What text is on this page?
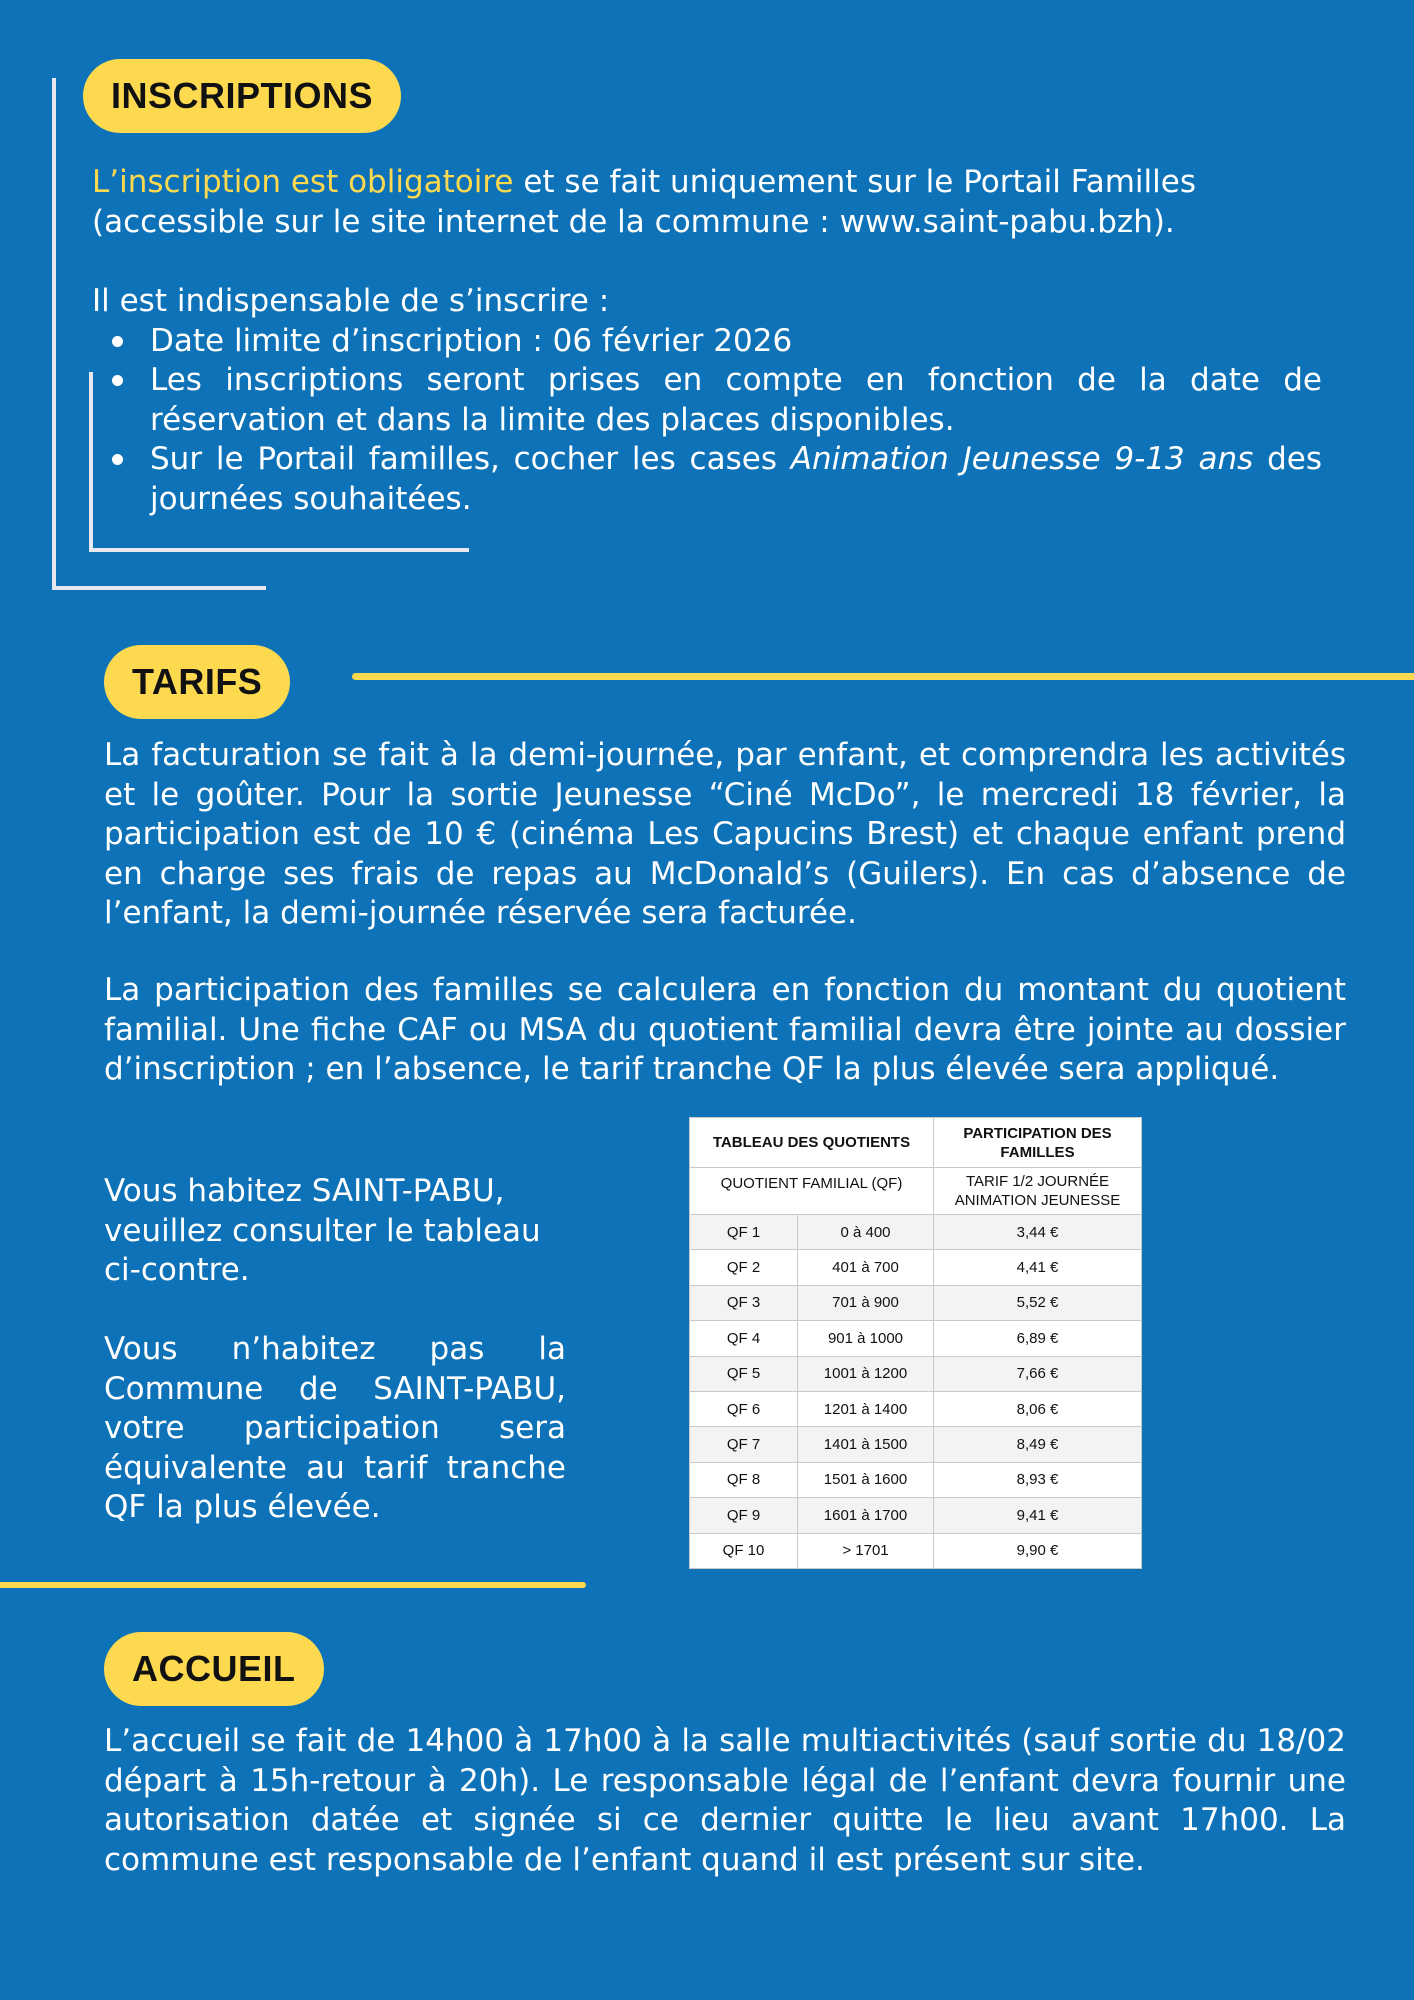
INSCRIPTIONS

L’inscription est obligatoire et se fait uniquement sur le Portail Familles (accessible sur le site internet de la commune : www.saint-pabu.bzh).

Il est indispensable de s’inscrire :

Date limite d’inscription : 06 février 2026
Les inscriptions seront prises en compte en fonction de la date de réservation et dans la limite des places disponibles.
Sur le Portail familles, cocher les cases Animation Jeunesse 9-13 ans des journées souhaitées.
TARIFS
La facturation se fait à la demi-journée, par enfant, et comprendra les activités et le goûter. Pour la sortie Jeunesse “Ciné McDo”, le mercredi 18 février, la participation est de 10 € (cinéma Les Capucins Brest) et chaque enfant prend en charge ses frais de repas au McDonald’s (Guilers). En cas d’absence de l’enfant, la demi-journée réservée sera facturée.
La participation des familles se calculera en fonction du montant du quotient familial. Une fiche CAF ou MSA du quotient familial devra être jointe au dossier d’inscription ; en l’absence, le tarif tranche QF la plus élevée sera appliqué.
Vous habitez SAINT-PABU, veuillez consulter le tableau ci-contre.
Vous n’habitez pas la Commune de SAINT-PABU, votre participation sera équivalente au tarif tranche QF la plus élevée.
TABLEAU DES QUOTIENTS		PARTICIPATION DES FAMILLES
QUOTIENT FAMILIAL (QF)		TARIF 1/2 JOURNÉE ANIMATION JEUNESSE
QF 1	0 à 400	3,44 €
QF 2	401 à 700	4,41 €
QF 3	701 à 900	5,52 €
QF 4	901 à 1000	6,89 €
QF 5	1001 à 1200	7,66 €
QF 6	1201 à 1400	8,06 €
QF 7	1401 à 1500	8,49 €
QF 8	1501 à 1600	8,93 €
QF 9	1601 à 1700	9,41 €
QF 10	> 1701	9,90 €
ACCUEIL
L’accueil se fait de 14h00 à 17h00 à la salle multiactivités (sauf sortie du 18/02 départ à 15h-retour à 20h). Le responsable légal de l’enfant devra fournir une autorisation datée et signée si ce dernier quitte le lieu avant 17h00. La commune est responsable de l’enfant quand il est présent sur site.
